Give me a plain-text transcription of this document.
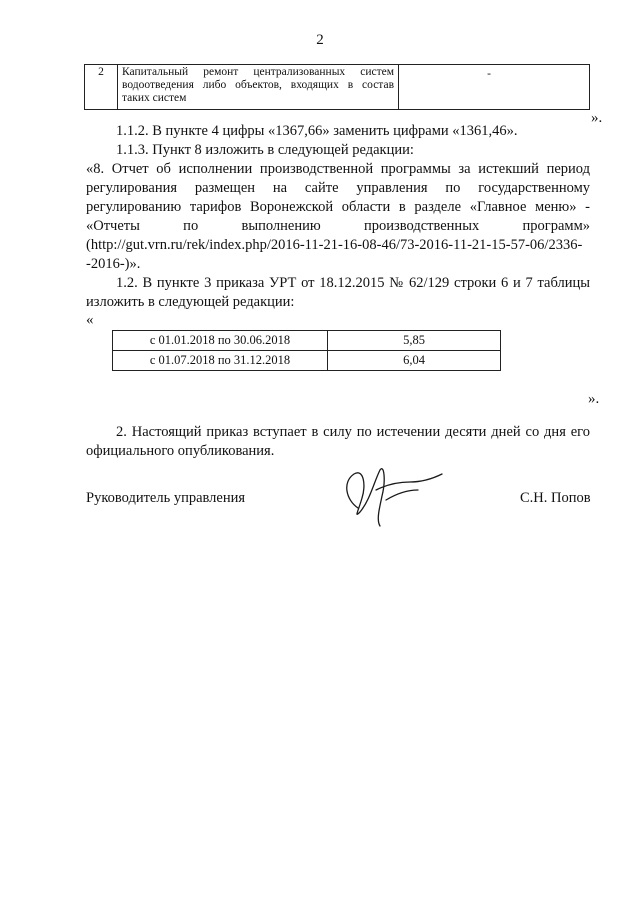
2
2	Капитальный ремонт централизованных систем водоотведения либо объектов, входящих в состав таких систем	-
».
1.1.2. В пункте 4 цифры «1367,66» заменить цифрами «1361,46».
1.1.3. Пункт 8 изложить в следующей редакции:
«8. Отчет об исполнении производственной программы за истекший период
регулирования размещен на сайте управления по государственному
регулированию тарифов Воронежской области в разделе «Главное меню» -
«Отчеты по выполнению производственных программ»
(http://gut.vrn.ru/rek/index.php/2016-11-21-16-08-46/73-2016-11-21-15-57-06/2336-
-2016-)».
1.2. В пункте 3 приказа УРТ от 18.12.2015 № 62/129 строки 6 и 7 таблицы
изложить в следующей редакции:
«
с 01.01.2018 по 30.06.2018	5,85
с 01.07.2018 по 31.12.2018	6,04
».
2. Настоящий приказ вступает в силу по истечении десяти дней со дня его
официального опубликования.
Руководитель управления	С.Н. Попов
